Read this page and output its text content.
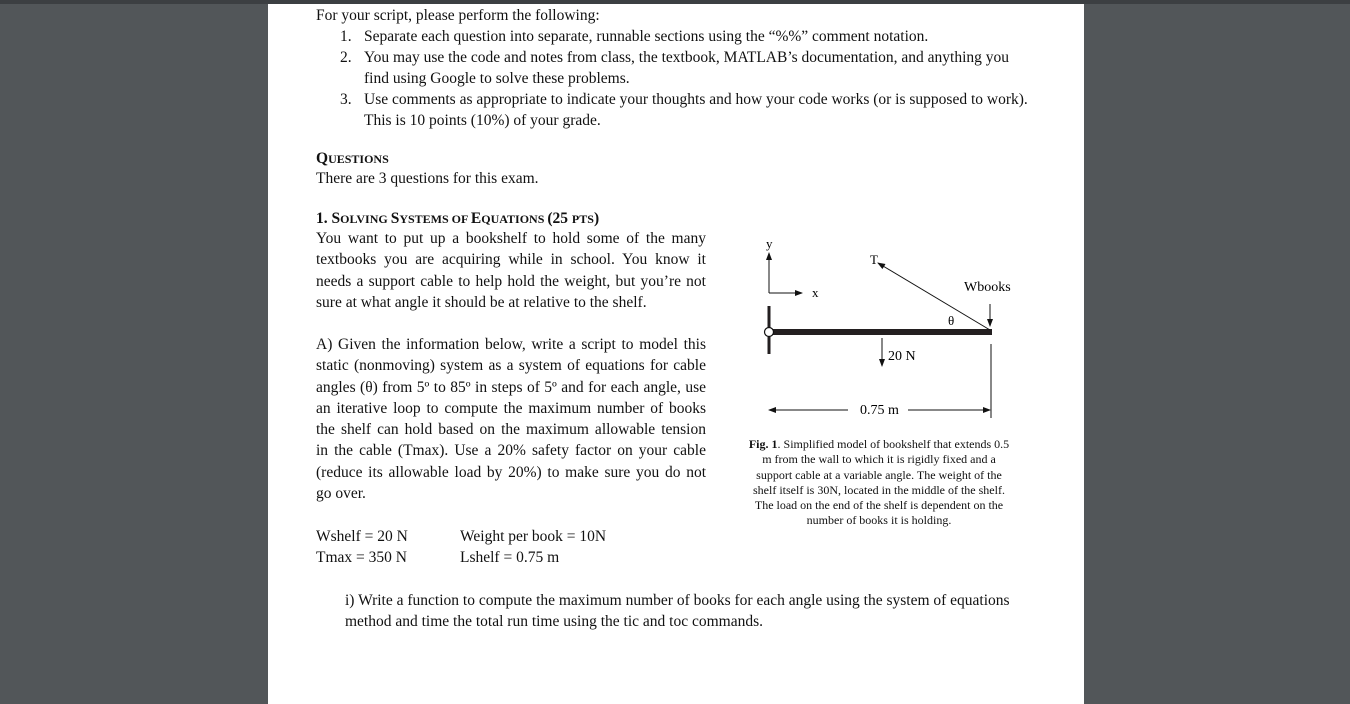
For your script, please perform the following:
1. Separate each question into separate, runnable sections using the “%%” comment notation.
2. You may use the code and notes from class, the textbook, MATLAB’s documentation, and anything you
find using Google to solve these problems.
3. Use comments as appropriate to indicate your thoughts and how your code works (or is supposed to work).
This is 10 points (10%) of your grade.
QUESTIONS
There are 3 questions for this exam.
1. SOLVING SYSTEMS OF EQUATIONS (25 PTS)
You want to put up a bookshelf to hold some of the many
textbooks you are acquiring while in school. You know it
needs a support cable to help hold the weight, but you’re not
sure at what angle it should be at relative to the shelf.
A) Given the information below, write a script to model this
static (nonmoving) system as a system of equations for cable
angles (θ) from 5º to 85º in steps of 5º and for each angle, use
an iterative loop to compute the maximum number of books
the shelf can hold based on the maximum allowable tension
in the cable (Tmax). Use a 20% safety factor on your cable
(reduce its allowable load by 20%) to make sure you do not
go over.
Wshelf = 20 N
Tmax = 350 N
Weight per book = 10N
Lshelf = 0.75 m
i) Write a function to compute the maximum number of books for each angle using the system of equations
method and time the total run time using the tic and toc commands.
y
x
T
Wbooks
θ
20 N
0.75 m
Fig. 1. Simplified model of bookshelf that extends 0.5
m from the wall to which it is rigidly fixed and a
support cable at a variable angle. The weight of the
shelf itself is 30N, located in the middle of the shelf.
The load on the end of the shelf is dependent on the
number of books it is holding.
